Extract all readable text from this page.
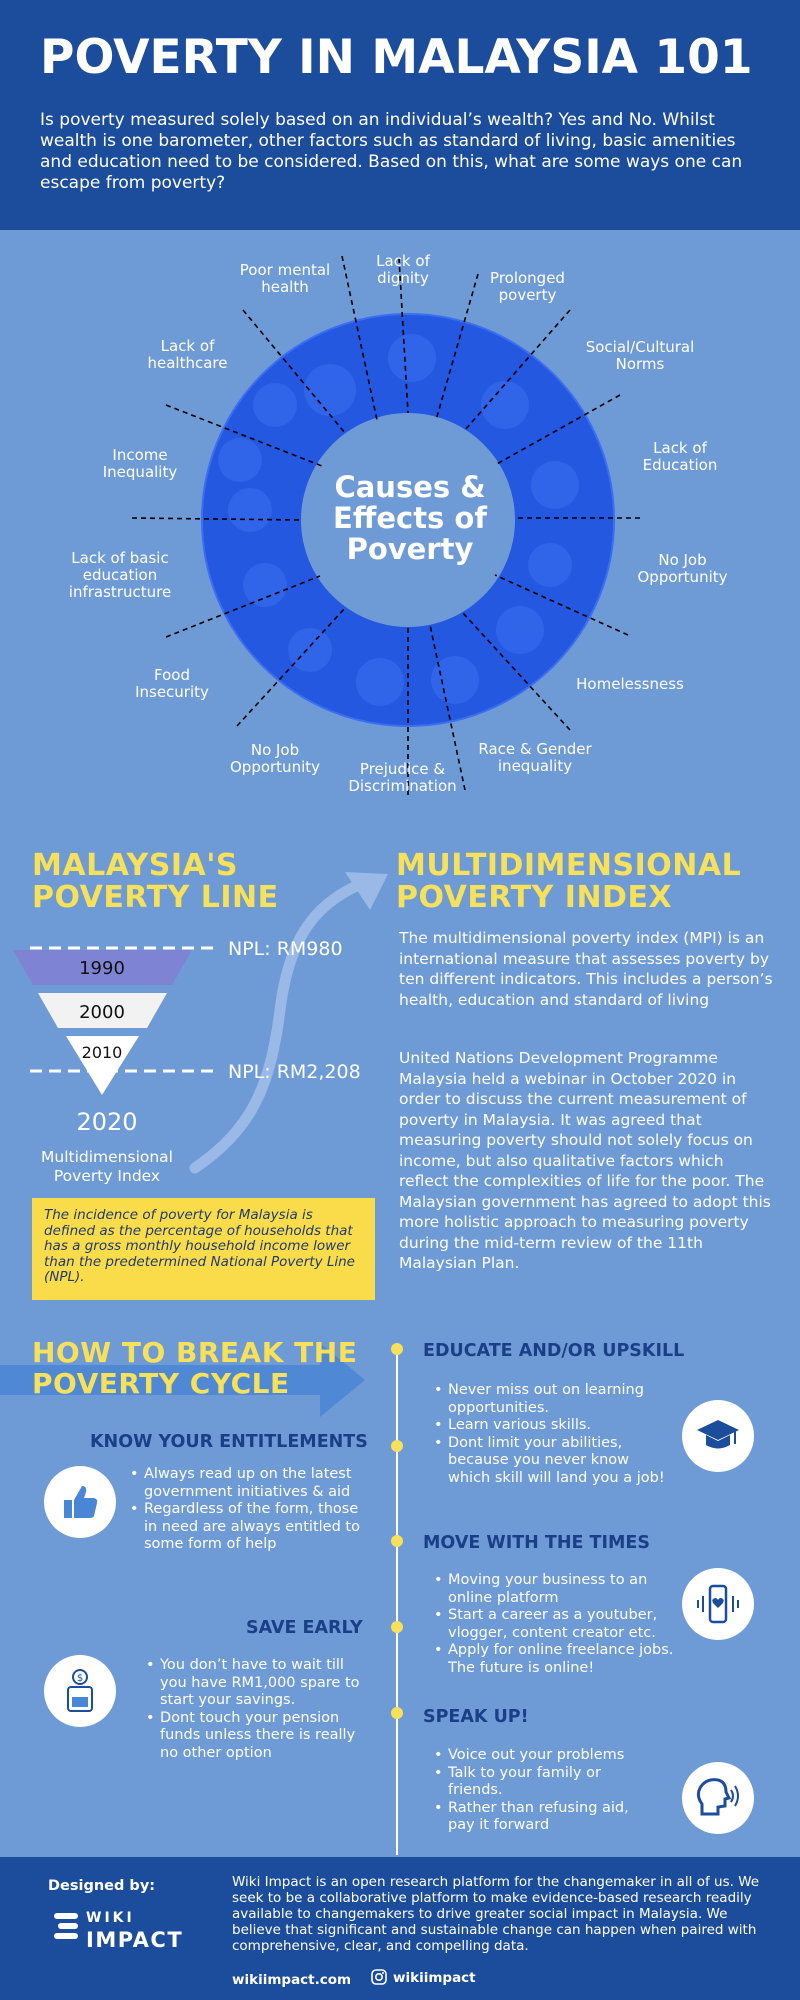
POVERTY IN MALAYSIA 101
Is poverty measured solely based on an individual’s wealth? Yes and No. Whilst wealth is one barometer, other factors such as standard of living, basic amenities and education need to be considered. Based on this, what are some ways one can escape from poverty?
Causes &
Effects of
Poverty
Poor mental health
Lack of dignity	Prolonged poverty
Social/Cultural Norms
Lack of Education
No Job Opportunity
Homelessness
Race & Gender inequality
Prejudice & Discrimination
No Job Opportunity
Food Insecurity
Lack of basic education infrastructure
Income Inequality
Lack of healthcare
MALAYSIA'S
POVERTY LINE
1990
2000
2010
NPL: RM980
NPL: RM2,208
2020
Multidimensional
Poverty Index
The incidence of poverty for Malaysia is defined as the percentage of households that has a gross monthly household income lower than the predetermined National Poverty Line (NPL).
MULTIDIMENSIONAL
POVERTY INDEX
The multidimensional poverty index (MPI) is an international measure that assesses poverty by ten different indicators. This includes a person’s health, education and standard of living
United Nations Development Programme Malaysia held a webinar in October 2020 in order to discuss the current measurement of poverty in Malaysia. It was agreed that measuring poverty should not solely focus on income, but also qualitative factors which reflect the complexities of life for the poor. The Malaysian government has agreed to adopt this more holistic approach to measuring poverty during the mid-term review of the 11th Malaysian Plan.
HOW TO BREAK THE
POVERTY CYCLE
EDUCATE AND/OR UPSKILL
• Never miss out on learning opportunities.
• Learn various skills.
• Dont limit your abilities, because you never know which skill will land you a job!
KNOW YOUR ENTITLEMENTS
• Always read up on the latest government initiatives & aid
• Regardless of the form, those in need are always entitled to some form of help	MOVE WITH THE TIMES
• Moving your business to an online platform
• Start a career as a youtuber, vlogger, content creator etc.
• Apply for online freelance jobs. The future is online!
SAVE EARLY
• You don’t have to wait till you have RM1,000 spare to start your savings.
• Dont touch your pension funds unless there is really no other option
$
SPEAK UP!
• Voice out your problems
• Talk to your family or friends.
• Rather than refusing aid, pay it forward
Designed by:
WIKI
IMPACT
Wiki Impact is an open research platform for the changemaker in all of us. We seek to be a collaborative platform to make evidence-based research readily available to changemakers to drive greater social impact in Malaysia. We believe that significant and sustainable change can happen when paired with comprehensive, clear, and compelling data.
wikiimpact.com	wikiimpact
